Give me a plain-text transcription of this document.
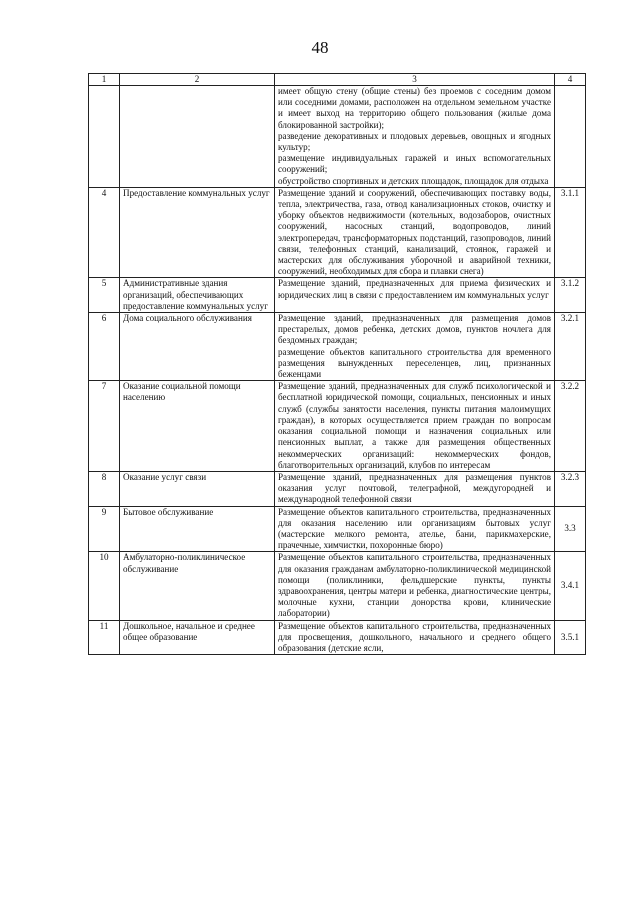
48
1	2	3	4

		имеет общую стену (общие стены) без проемов с соседним домом или соседними домами, расположен на отдельном земельном участке и имеет выход на территорию общего пользования (жилые дома блокированной застройки);

разведение декоративных и плодовых деревьев, овощных и ягодных культур;

размещение индивидуальных гаражей и иных вспомогательных сооружений;

обустройство спортивных и детских площадок, площадок для отдыха	

4	Предоставление коммунальных услуг	Размещение зданий и сооружений, обеспечивающих поставку воды, тепла, электричества, газа, отвод канализационных стоков, очистку и уборку объектов недвижимости (котельных, водозаборов, очистных сооружений, насосных станций, водопроводов, линий электропередач, трансформаторных подстанций, газопроводов, линий связи, телефонных станций, канализаций, стоянок, гаражей и мастерских для обслуживания уборочной и аварийной техники, сооружений, необходимых для сбора и плавки снега)	3.1.1
5	Административные здания организаций, обеспечивающих предоставление коммунальных услуг	Размещение зданий, предназначенных для приема физических и юридических лиц в связи с предоставлением им коммунальных услуг	3.1.2
6	Дома социального обслуживания	Размещение зданий, предназначенных для размещения домов престарелых, домов ребенка, детских домов, пунктов ночлега для бездомных граждан;

размещение объектов капитального строительства для временного размещения вынужденных переселенцев, лиц, признанных беженцами	3.2.1
7	Оказание социальной помощи населению	Размещение зданий, предназначенных для служб психологической и бесплатной юридической помощи, социальных, пенсионных и иных служб (службы занятости населения, пункты питания малоимущих граждан), в которых осуществляется прием граждан по вопросам оказания социальной помощи и назначения социальных или пенсионных выплат, а также для размещения общественных некоммерческих организаций: некоммерческих фондов, благотворительных организаций, клубов по интересам	3.2.2
8	Оказание услуг связи	Размещение зданий, предназначенных для размещения пунктов оказания услуг почтовой, телеграфной, междугородней и международной телефонной связи	3.2.3
9	Бытовое обслуживание	Размещение объектов капитального строительства, предназначенных для оказания населению или организациям бытовых услуг (мастерские мелкого ремонта, ателье, бани, парикмахерские, прачечные, химчистки, похоронные бюро)	3.3
10	Амбулаторно-поликлиническое обслуживание	Размещение объектов капитального строительства, предназначенных для оказания гражданам амбулаторно-поликлинической медицинской помощи (поликлиники, фельдшерские пункты, пункты здравоохранения, центры матери и ребенка, диагностические центры, молочные кухни, станции донорства крови, клинические лаборатории)	3.4.1
11	Дошкольное, начальное и среднее общее образование	Размещение объектов капитального строительства, предназначенных для просвещения, дошкольного, начального и среднего общего образования (детские ясли,	3.5.1
